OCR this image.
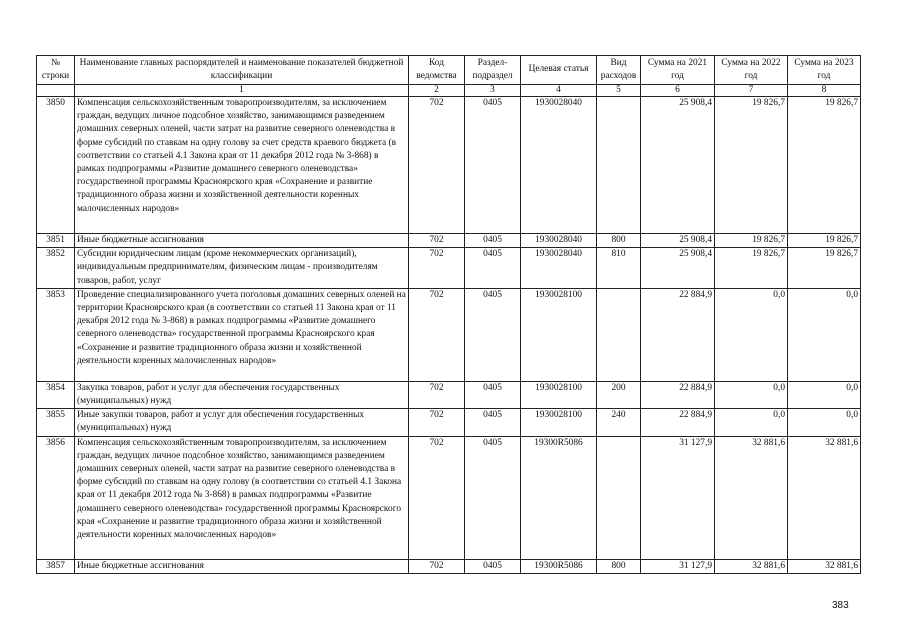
№ строки	Наименование главных распорядителей и наименование показателей бюджетной классификации	Код ведомства	Раздел-подраздел	Целевая статья	Вид расходов	Сумма на 2021 год	Сумма на 2022 год	Сумма на 2023 год
	1	2	3	4	5	6	7	8
3850	Компенсация сельскохозяйственным товаропроизводителям, за исключением граждан, ведущих личное подсобное хозяйство, занимающимся разведением домашних северных оленей, части затрат на развитие северного оленеводства в форме субсидий по ставкам на одну голову за счет средств краевого бюджета (в соответствии со статьей 4.1 Закона края от 11 декабря 2012 года № 3-868) в рамках подпрограммы «Развитие домашнего северного оленеводства» государственной программы Красноярского края «Сохранение и развитие традиционного образа жизни и хозяйственной деятельности коренных малочисленных народов»	702	0405	1930028040		25 908,4	19 826,7	19 826,7
3851	Иные бюджетные ассигнования	702	0405	1930028040	800	25 908,4	19 826,7	19 826,7
3852	Субсидии юридическим лицам (кроме некоммерческих организаций), индивидуальным предпринимателям, физическим лицам - производителям товаров, работ, услуг	702	0405	1930028040	810	25 908,4	19 826,7	19 826,7
3853	Проведение специализированного учета поголовья домашних северных оленей на территории Красноярского края (в соответствии со статьей 11 Закона края от 11 декабря 2012 года № 3-868) в рамках подпрограммы «Развитие домашнего северного оленеводства» государственной программы Красноярского края «Сохранение и развитие традиционного образа жизни и хозяйственной деятельности коренных малочисленных народов»	702	0405	1930028100		22 884,9	0,0	0,0
3854	Закупка товаров, работ и услуг для обеспечения государственных (муниципальных) нужд	702	0405	1930028100	200	22 884,9	0,0	0,0
3855	Иные закупки товаров, работ и услуг для обеспечения государственных (муниципальных) нужд	702	0405	1930028100	240	22 884,9	0,0	0,0
3856	Компенсация сельскохозяйственным товаропроизводителям, за исключением граждан, ведущих личное подсобное хозяйство, занимающимся разведением домашних северных оленей, части затрат на развитие северного оленеводства в форме субсидий по ставкам на одну голову (в соответствии со статьей 4.1 Закона края от 11 декабря 2012 года № 3-868) в рамках подпрограммы «Развитие домашнего северного оленеводства» государственной программы Красноярского края «Сохранение и развитие традиционного образа жизни и хозяйственной деятельности коренных малочисленных народов»	702	0405	19300R5086		31 127,9	32 881,6	32 881,6
3857	Иные бюджетные ассигнования	702	0405	19300R5086	800	31 127,9	32 881,6	32 881,6
383
